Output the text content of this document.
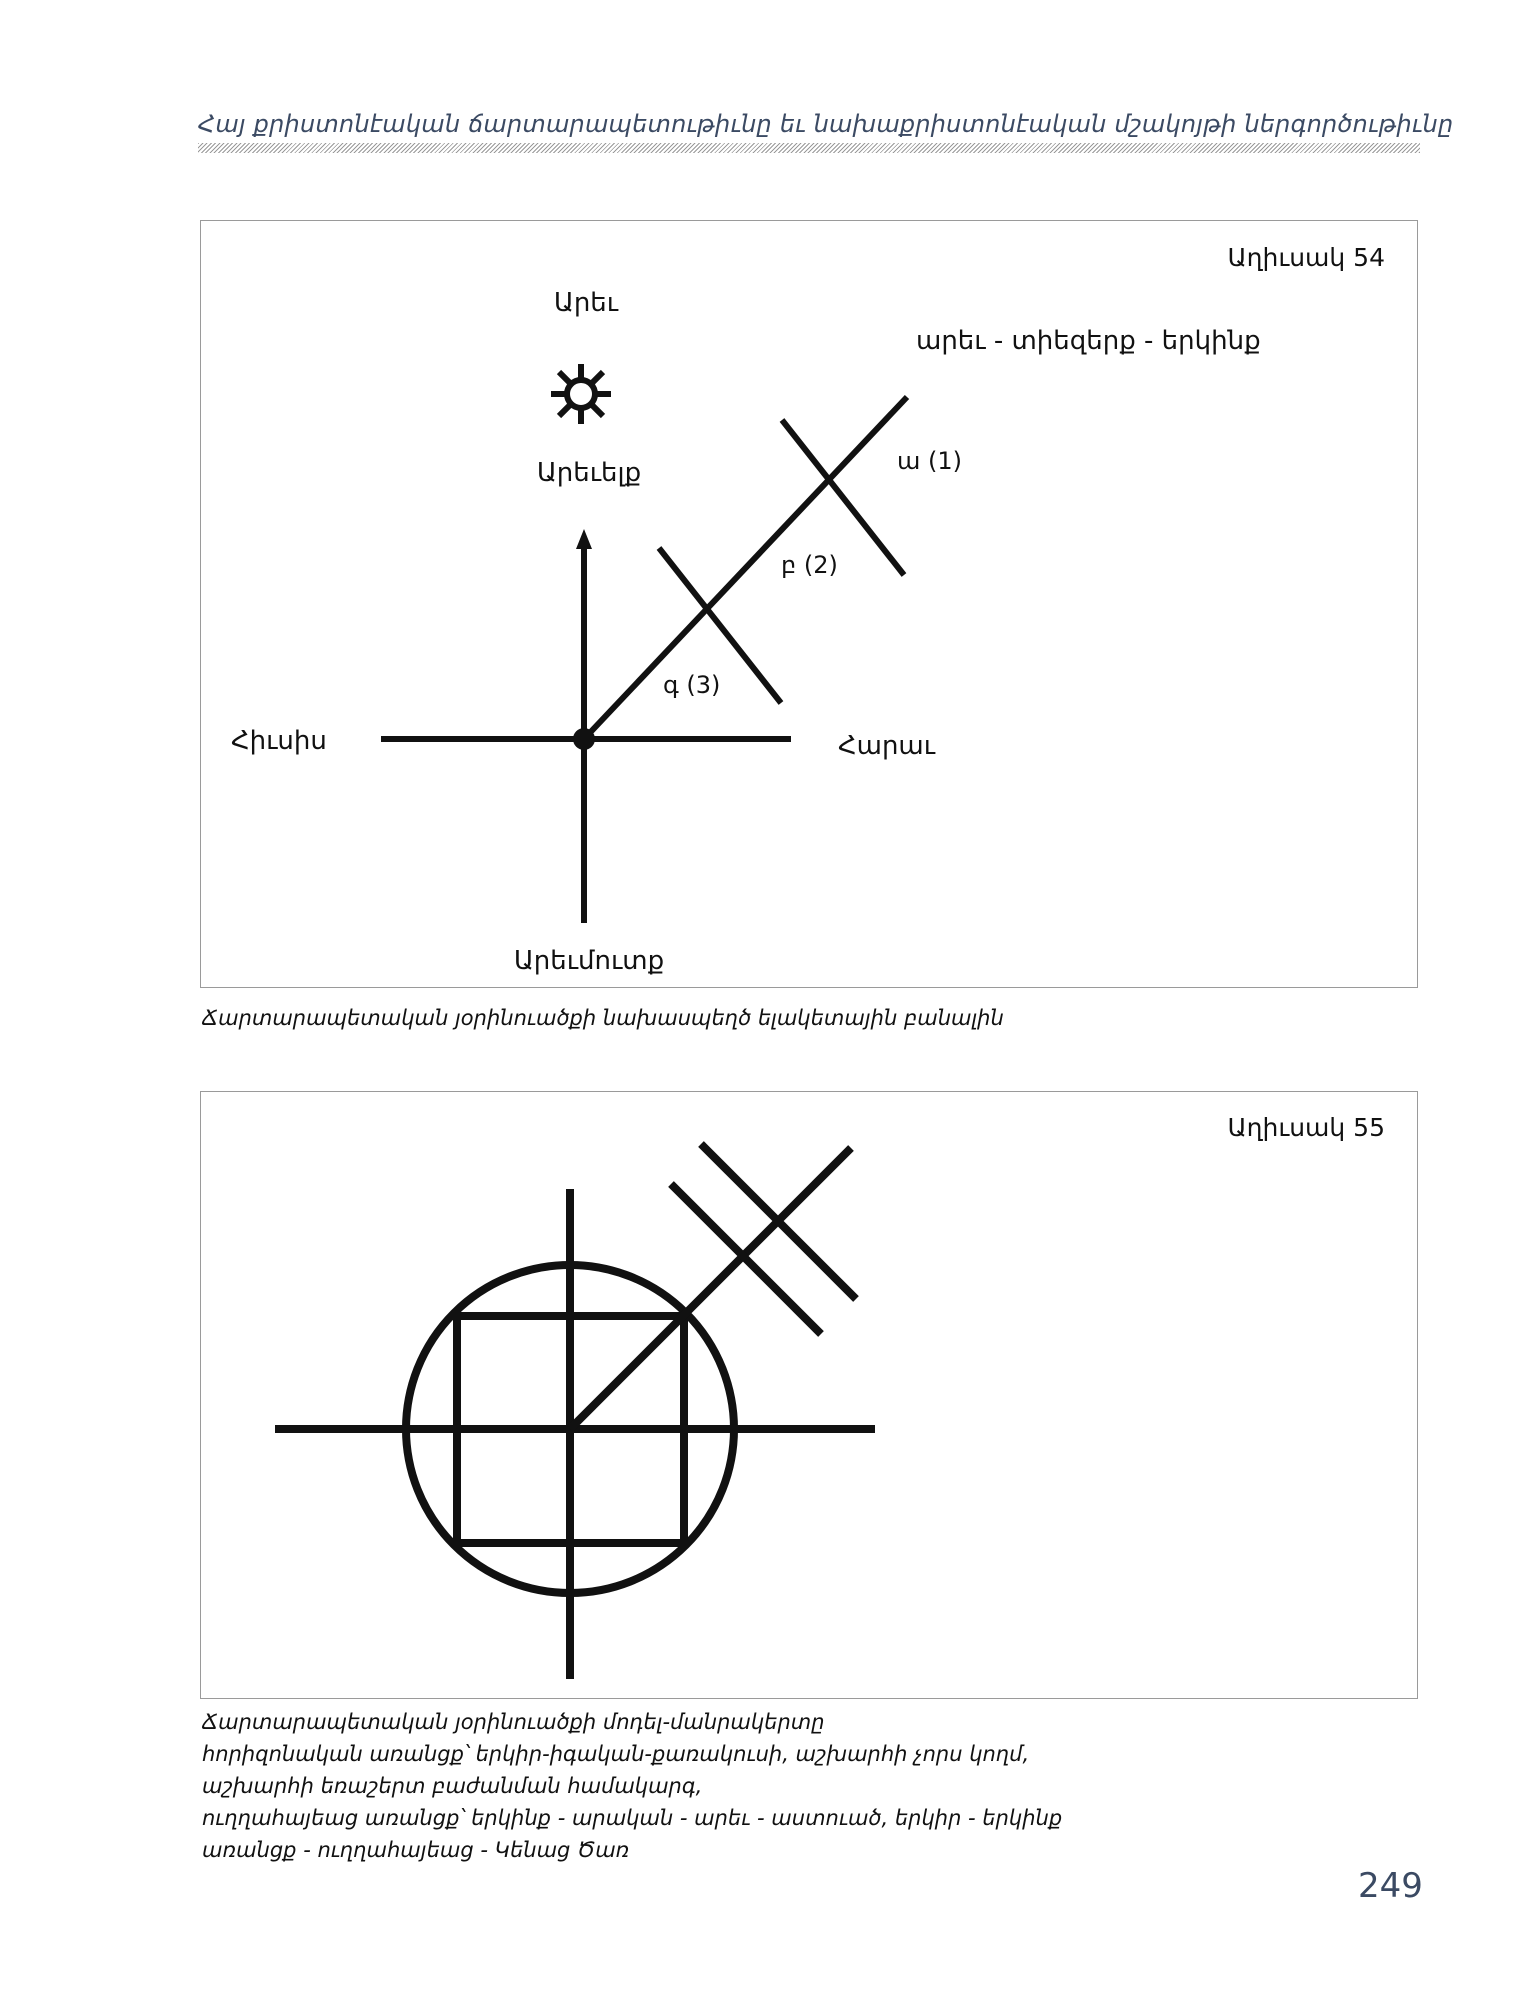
Հայ քրիստոնէական ճարտարապետութիւնը եւ նախաքրիստոնէական մշակոյթի ներգործութիւնը
Աղիւսակ 54
Արեւ
արեւ - տիեզերք - երկինք
Արեւելք	ա (1)
բ (2)
գ (3)
Հիւսիս	Հարաւ
Արեւմուտք
Ճարտարապետական յօրինուածքի նախասպեղծ ելակետային բանալին
Աղիւսակ 55
Ճարտարապետական յօրինուածքի մոդել-մանրակերտը
հորիզոնական առանցք՝ երկիր-իգական-քառակուսի, աշխարհի չորս կողմ,
աշխարհի եռաշերտ բաժանման համակարգ,
ուղղահայեաց առանցք՝ երկինք - արական - արեւ - աստուած, երկիր - երկինք
առանցք - ուղղահայեաց - Կենաց Ծառ
249
